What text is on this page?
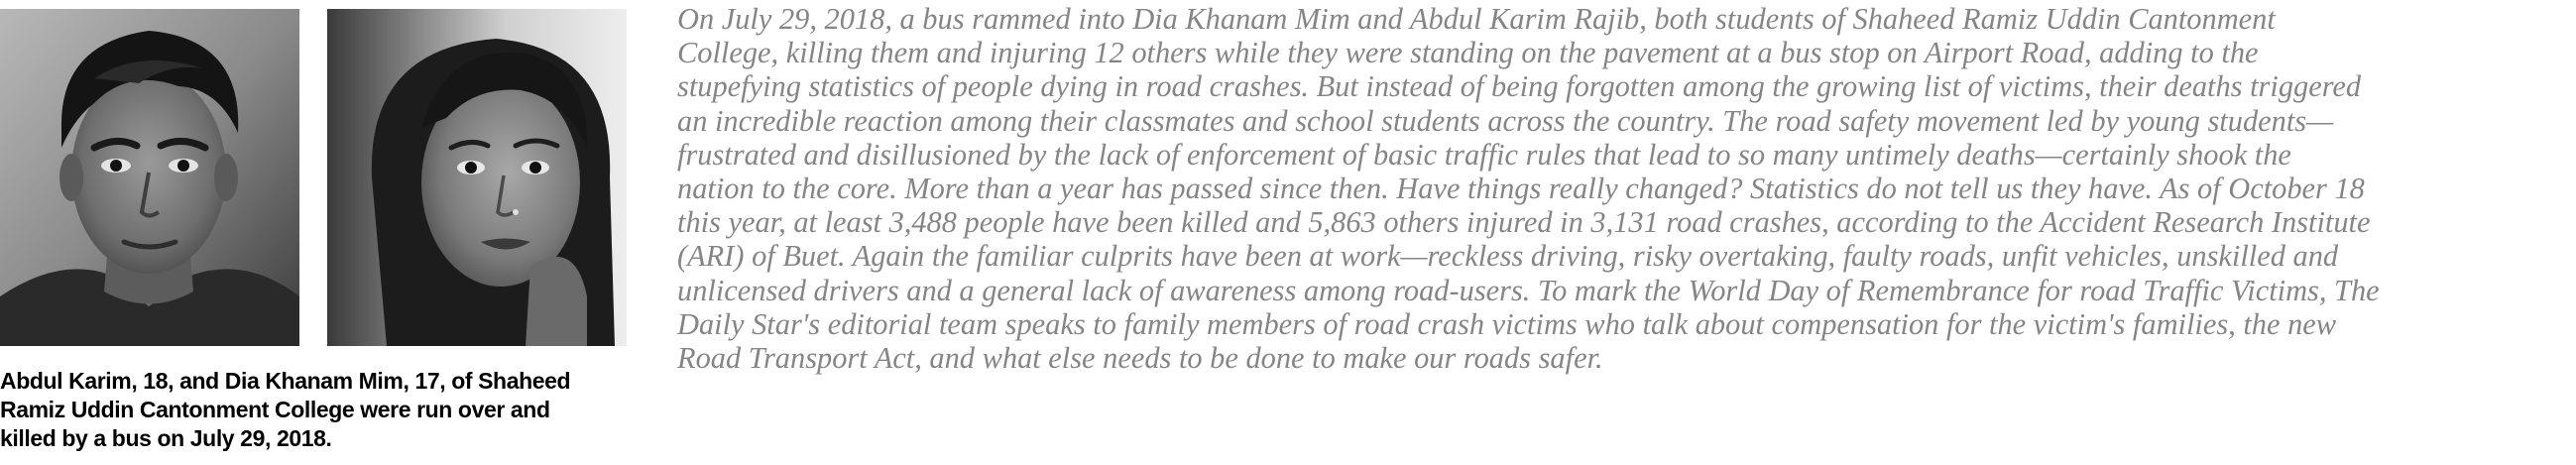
Abdul Karim, 18, and Dia Khanam Mim, 17, of Shaheed
Ramiz Uddin Cantonment College were run over and
killed by a bus on July 29, 2018.
On July 29, 2018, a bus rammed into Dia Khanam Mim and Abdul Karim Rajib, both students of Shaheed Ramiz Uddin Cantonment
College, killing them and injuring 12 others while they were standing on the pavement at a bus stop on Airport Road, adding to the
stupefying statistics of people dying in road crashes. But instead of being forgotten among the growing list of victims, their deaths triggered
an incredible reaction among their classmates and school students across the country. The road safety movement led by young students—
frustrated and disillusioned by the lack of enforcement of basic traffic rules that lead to so many untimely deaths—certainly shook the
nation to the core. More than a year has passed since then. Have things really changed? Statistics do not tell us they have. As of October 18
this year, at least 3,488 people have been killed and 5,863 others injured in 3,131 road crashes, according to the Accident Research Institute
(ARI) of Buet. Again the familiar culprits have been at work—reckless driving, risky overtaking, faulty roads, unfit vehicles, unskilled and
unlicensed drivers and a general lack of awareness among road-users. To mark the World Day of Remembrance for road Traffic Victims, The
Daily Star's editorial team speaks to family members of road crash victims who talk about compensation for the victim's families, the new
Road Transport Act, and what else needs to be done to make our roads safer.
